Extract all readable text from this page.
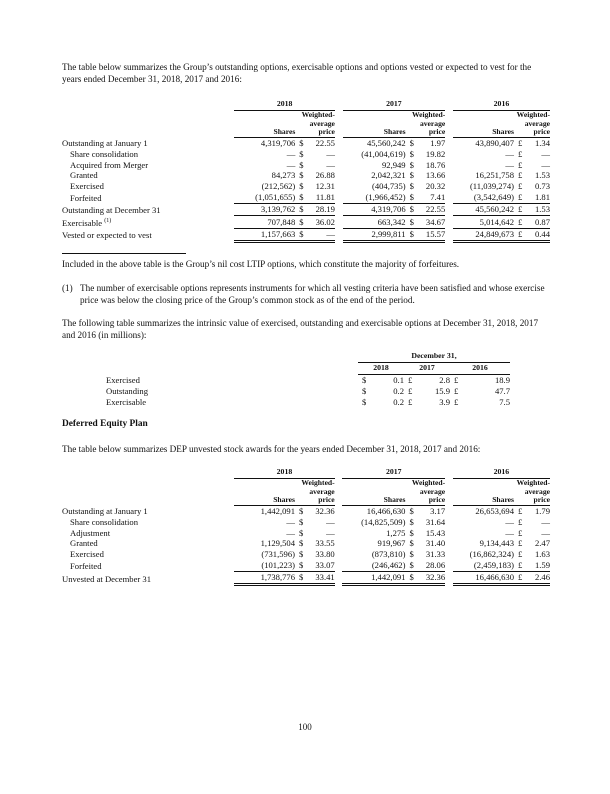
The table below summarizes the Group’s outstanding options, exercisable options and options vested or expected to vest for the years ended December 31, 2018, 2017 and 2016:

	2018				2017				2016		
	Shares	Weighted-
average
price			Shares	Weighted-
average
price			Shares	Weighted-
average
price	
Outstanding at January 1	4,319,706	$	22.55		45,560,242	$	1.97		43,890,407	£	1.34
Share consolidation	—	$	—		(41,004,619)	$	19.82		—	£	—
Acquired from Merger	—	$	—		92,949	$	18.76		—	£	—
Granted	84,273	$	26.88		2,042,321	$	13.66		16,251,758	£	1.53
Exercised	(212,562)	$	12.31		(404,735)	$	20.32		(11,039,274)	£	0.73
Forfeited	(1,051,655)	$	11.81		(1,966,452)	$	7.41		(3,542,649)	£	1.81
Outstanding at December 31	3,139,762	$	28.19		4,319,706	$	22.55		45,560,242	£	1.53
Exercisable $^{(1)}$	707,848	$	36.02		663,342	$	34.67		5,014,642	£	0.87
Vested or expected to vest	1,157,663	$	—		2,999,811	$	15.57		24,849,673	£	0.44

Included in the above table is the Group’s nil cost LTIP options, which constitute the majority of forfeitures.

(1) The number of exercisable options represents instruments for which all vesting criteria have been satisfied and whose exercise price was below the closing price of the Group’s common stock as of the end of the period.

The following table summarizes the intrinsic value of exercised, outstanding and exercisable options at December 31, 2018, 2017 and 2016 (in millions):

	December 31,					
	2018		2017		2016	
Exercised	$	0.1	£	2.8	£	18.9
Outstanding	$	0.2	£	15.9	£	47.7
Exercisable	$	0.2	£	3.9	£	7.5
Deferred Equity Plan

The table below summarizes DEP unvested stock awards for the years ended December 31, 2018, 2017 and 2016:

	2018				2017				2016		
	Shares	Weighted-
average
price			Shares	Weighted-
average
price			Shares	Weighted-
average
price	
Outstanding at January 1	1,442,091	$	32.36		16,466,630	$	3.17		26,653,694	£	1.79
Share consolidation	—	$	—		(14,825,509)	$	31.64		—	£	—
Adjustment	—	$	—		1,275	$	15.43		—	£	—
Granted	1,129,504	$	33.55		919,967	$	31.40		9,134,443	£	2.47
Exercised	(731,596)	$	33.80		(873,810)	$	31.33		(16,862,324)	£	1.63
Forfeited	(101,223)	$	33.07		(246,462)	$	28.06		(2,459,183)	£	1.59
Unvested at December 31	1,738,776	$	33.41		1,442,091	$	32.36		16,466,630	£	2.46
100
